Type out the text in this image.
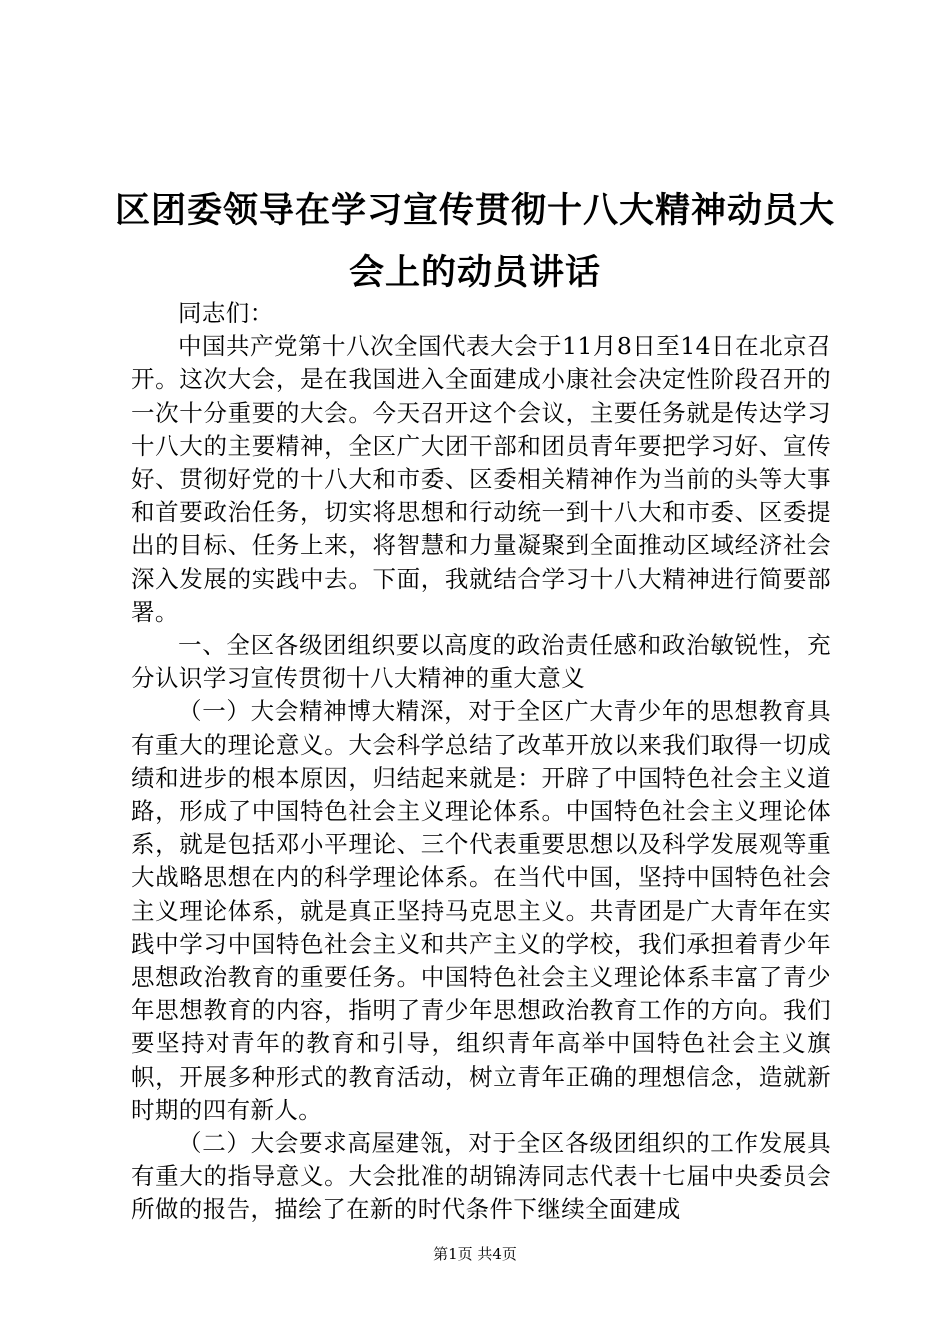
区团委领导在学习宣传贯彻十八大精神动员大会上的动员讲话

同志们：

中国共产党第十八次全国代表大会于11月8日至14日在北京召开。这次大会，是在我国进入全面建成小康社会决定性阶段召开的一次十分重要的大会。今天召开这个会议，主要任务就是传达学习十八大的主要精神，全区广大团干部和团员青年要把学习好、宣传好、贯彻好党的十八大和市委、区委相关精神作为当前的头等大事和首要政治任务，切实将思想和行动统一到十八大和市委、区委提出的目标、任务上来，将智慧和力量凝聚到全面推动区域经济社会深入发展的实践中去。下面，我就结合学习十八大精神进行简要部署。

一、全区各级团组织要以高度的政治责任感和政治敏锐性，充分认识学习宣传贯彻十八大精神的重大意义

（一）大会精神博大精深，对于全区广大青少年的思想教育具有重大的理论意义。大会科学总结了改革开放以来我们取得一切成绩和进步的根本原因，归结起来就是：开辟了中国特色社会主义道路，形成了中国特色社会主义理论体系。中国特色社会主义理论体系，就是包括邓小平理论、三个代表重要思想以及科学发展观等重大战略思想在内的科学理论体系。在当代中国，坚持中国特色社会主义理论体系，就是真正坚持马克思主义。共青团是广大青年在实践中学习中国特色社会主义和共产主义的学校，我们承担着青少年思想政治教育的重要任务。中国特色社会主义理论体系丰富了青少年思想教育的内容，指明了青少年思想政治教育工作的方向。我们要坚持对青年的教育和引导，组织青年高举中国特色社会主义旗帜，开展多种形式的教育活动，树立青年正确的理想信念，造就新时期的四有新人。

（二）大会要求高屋建瓴，对于全区各级团组织的工作发展具有重大的指导意义。大会批准的胡锦涛同志代表十七届中央委员会所做的报告，描绘了在新的时代条件下继续全面建成

第1页 共4页
